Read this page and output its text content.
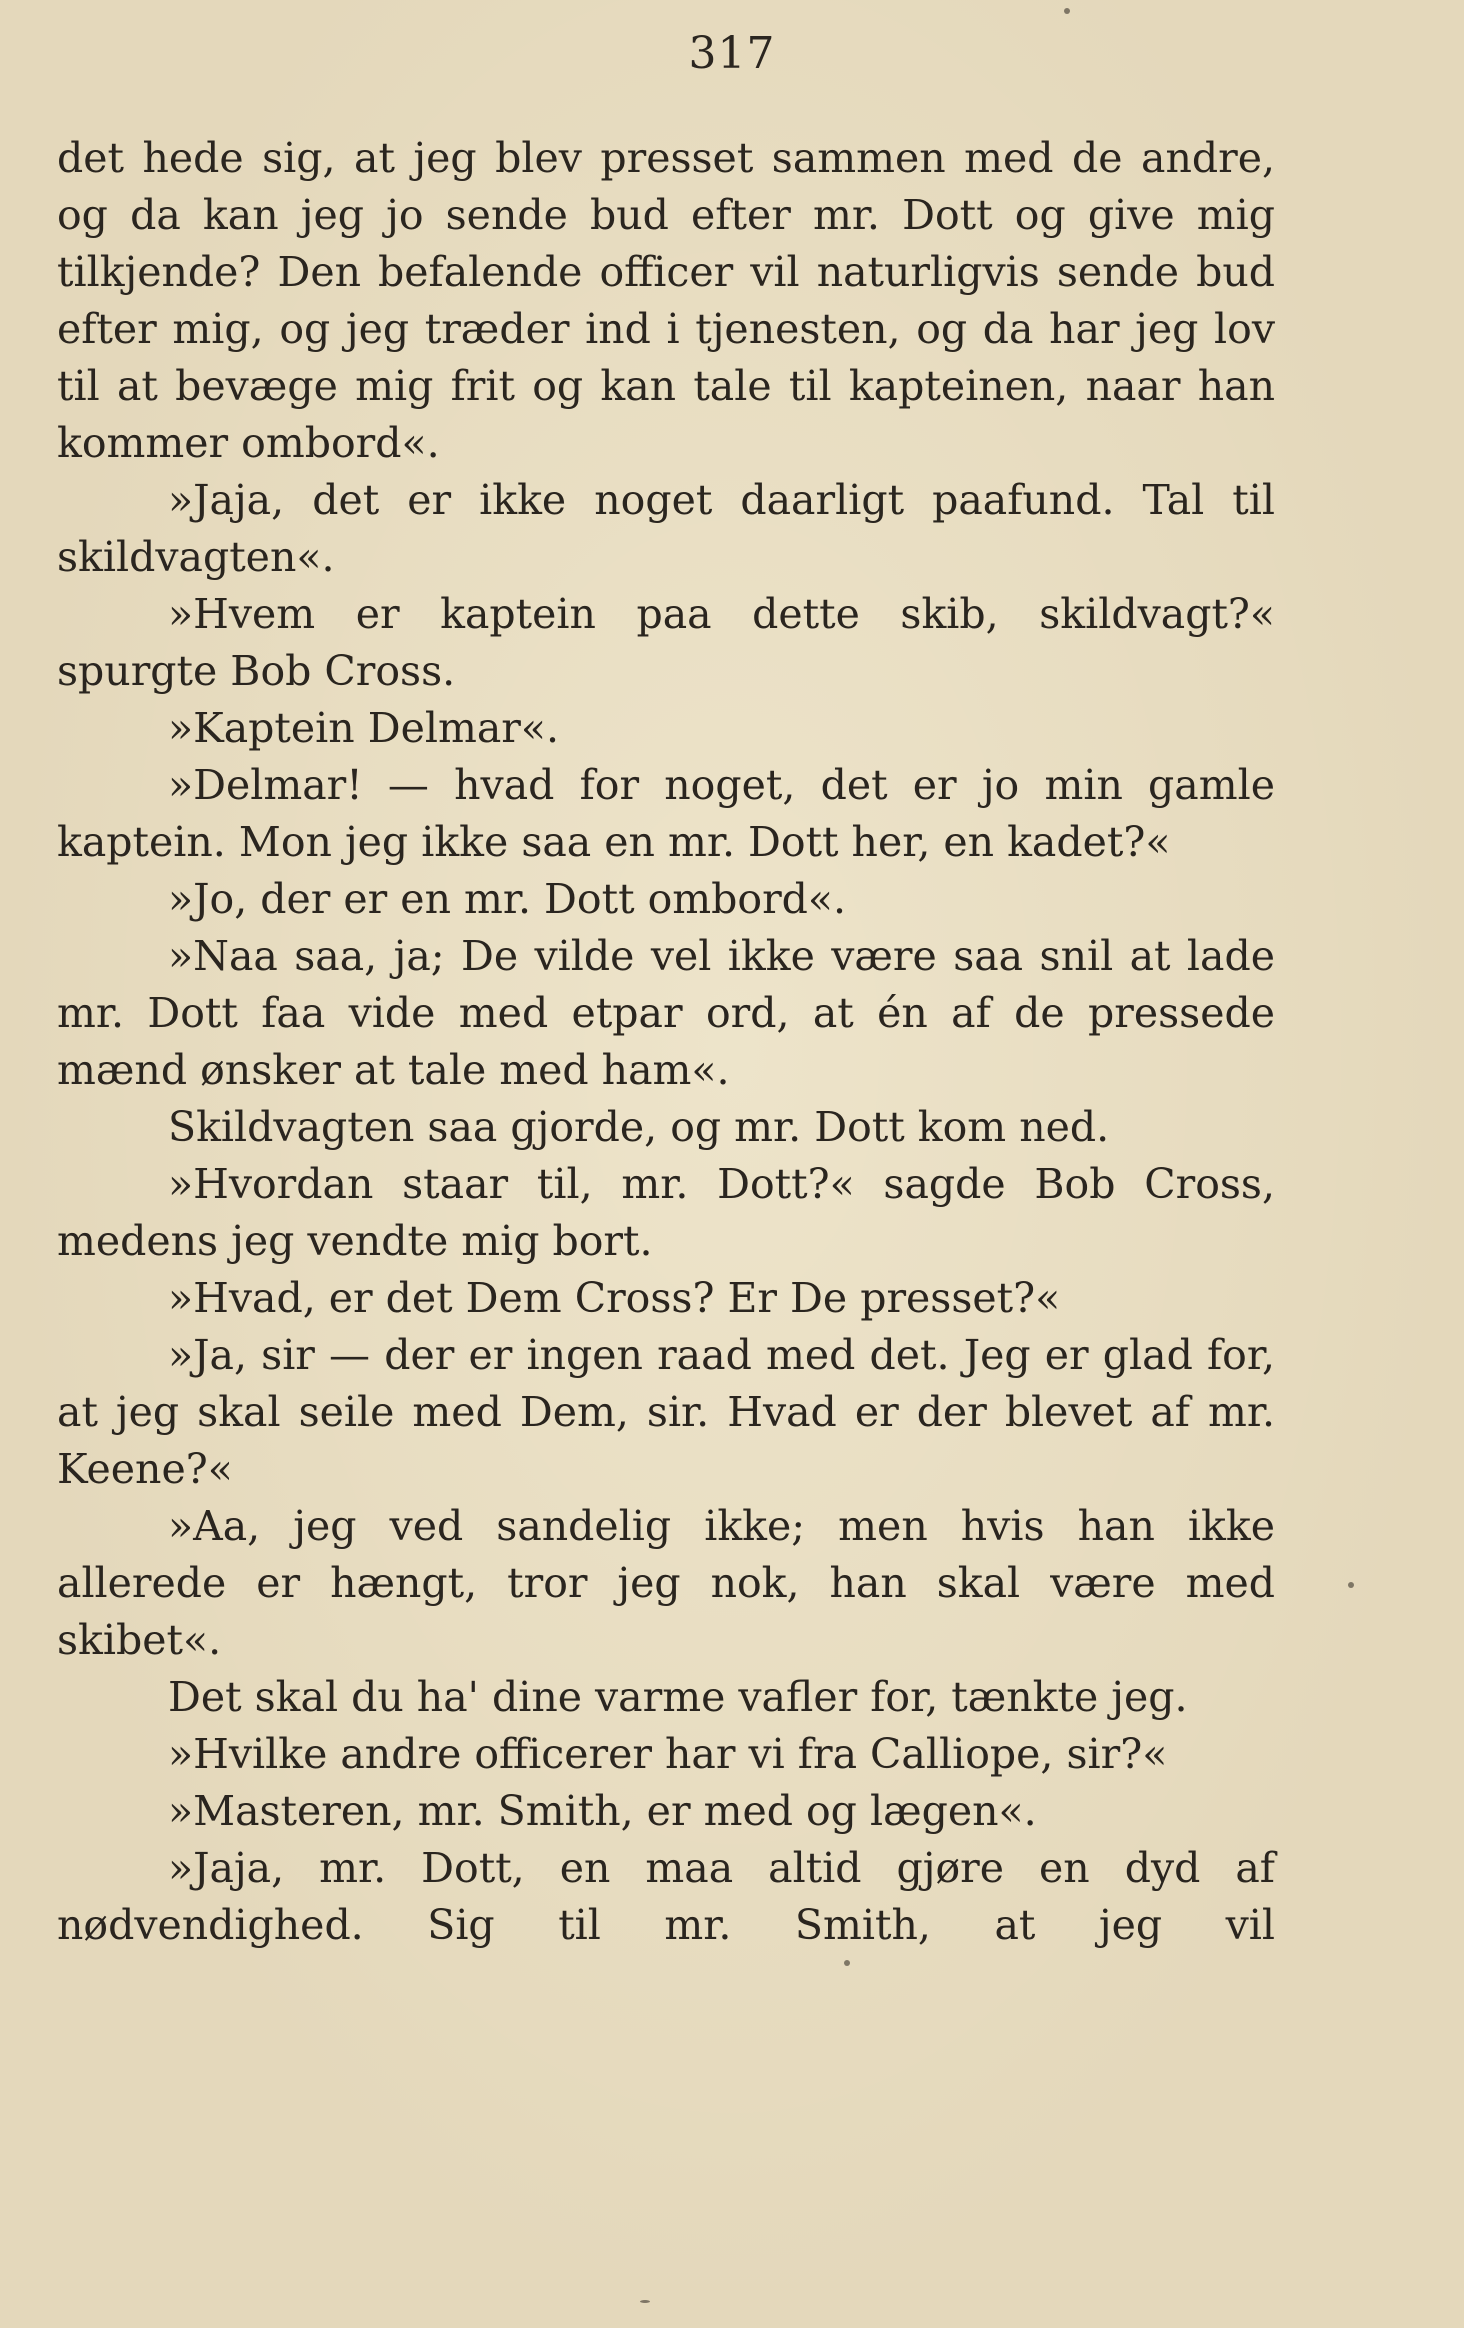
317

det hede sig, at jeg blev presset sammen med de andre, og da kan jeg jo sende bud efter mr. Dott og give mig tilkjende? Den befalende officer vil naturligvis sende bud efter mig, og jeg træder ind i tjenesten, og da har jeg lov til at bevæge mig frit og kan tale til kapteinen, naar han kommer ombord«.

»Jaja, det er ikke noget daarligt paafund. Tal til skildvagten«.

»Hvem er kaptein paa dette skib, skildvagt?« spurgte Bob Cross.

»Kaptein Delmar«.

»Delmar! — hvad for noget, det er jo min gamle kaptein. Mon jeg ikke saa en mr. Dott her, en kadet?«

»Jo, der er en mr. Dott ombord«.

»Naa saa, ja; De vilde vel ikke være saa snil at lade mr. Dott faa vide med etpar ord, at én af de pressede mænd ønsker at tale med ham«.

Skildvagten saa gjorde, og mr. Dott kom ned.

»Hvordan staar til, mr. Dott?« sagde Bob Cross, medens jeg vendte mig bort.

»Hvad, er det Dem Cross? Er De presset?«

»Ja, sir — der er ingen raad med det. Jeg er glad for, at jeg skal seile med Dem, sir. Hvad er der blevet af mr. Keene?«

»Aa, jeg ved sandelig ikke; men hvis han ikke allerede er hængt, tror jeg nok, han skal være med skibet«.

Det skal du ha' dine varme vafler for, tænkte jeg.

»Hvilke andre officerer har vi fra Calliope, sir?«

»Masteren, mr. Smith, er med og lægen«.

»Jaja, mr. Dott, en maa altid gjøre en dyd af nødvendighed. Sig til mr. Smith, at jeg vil
